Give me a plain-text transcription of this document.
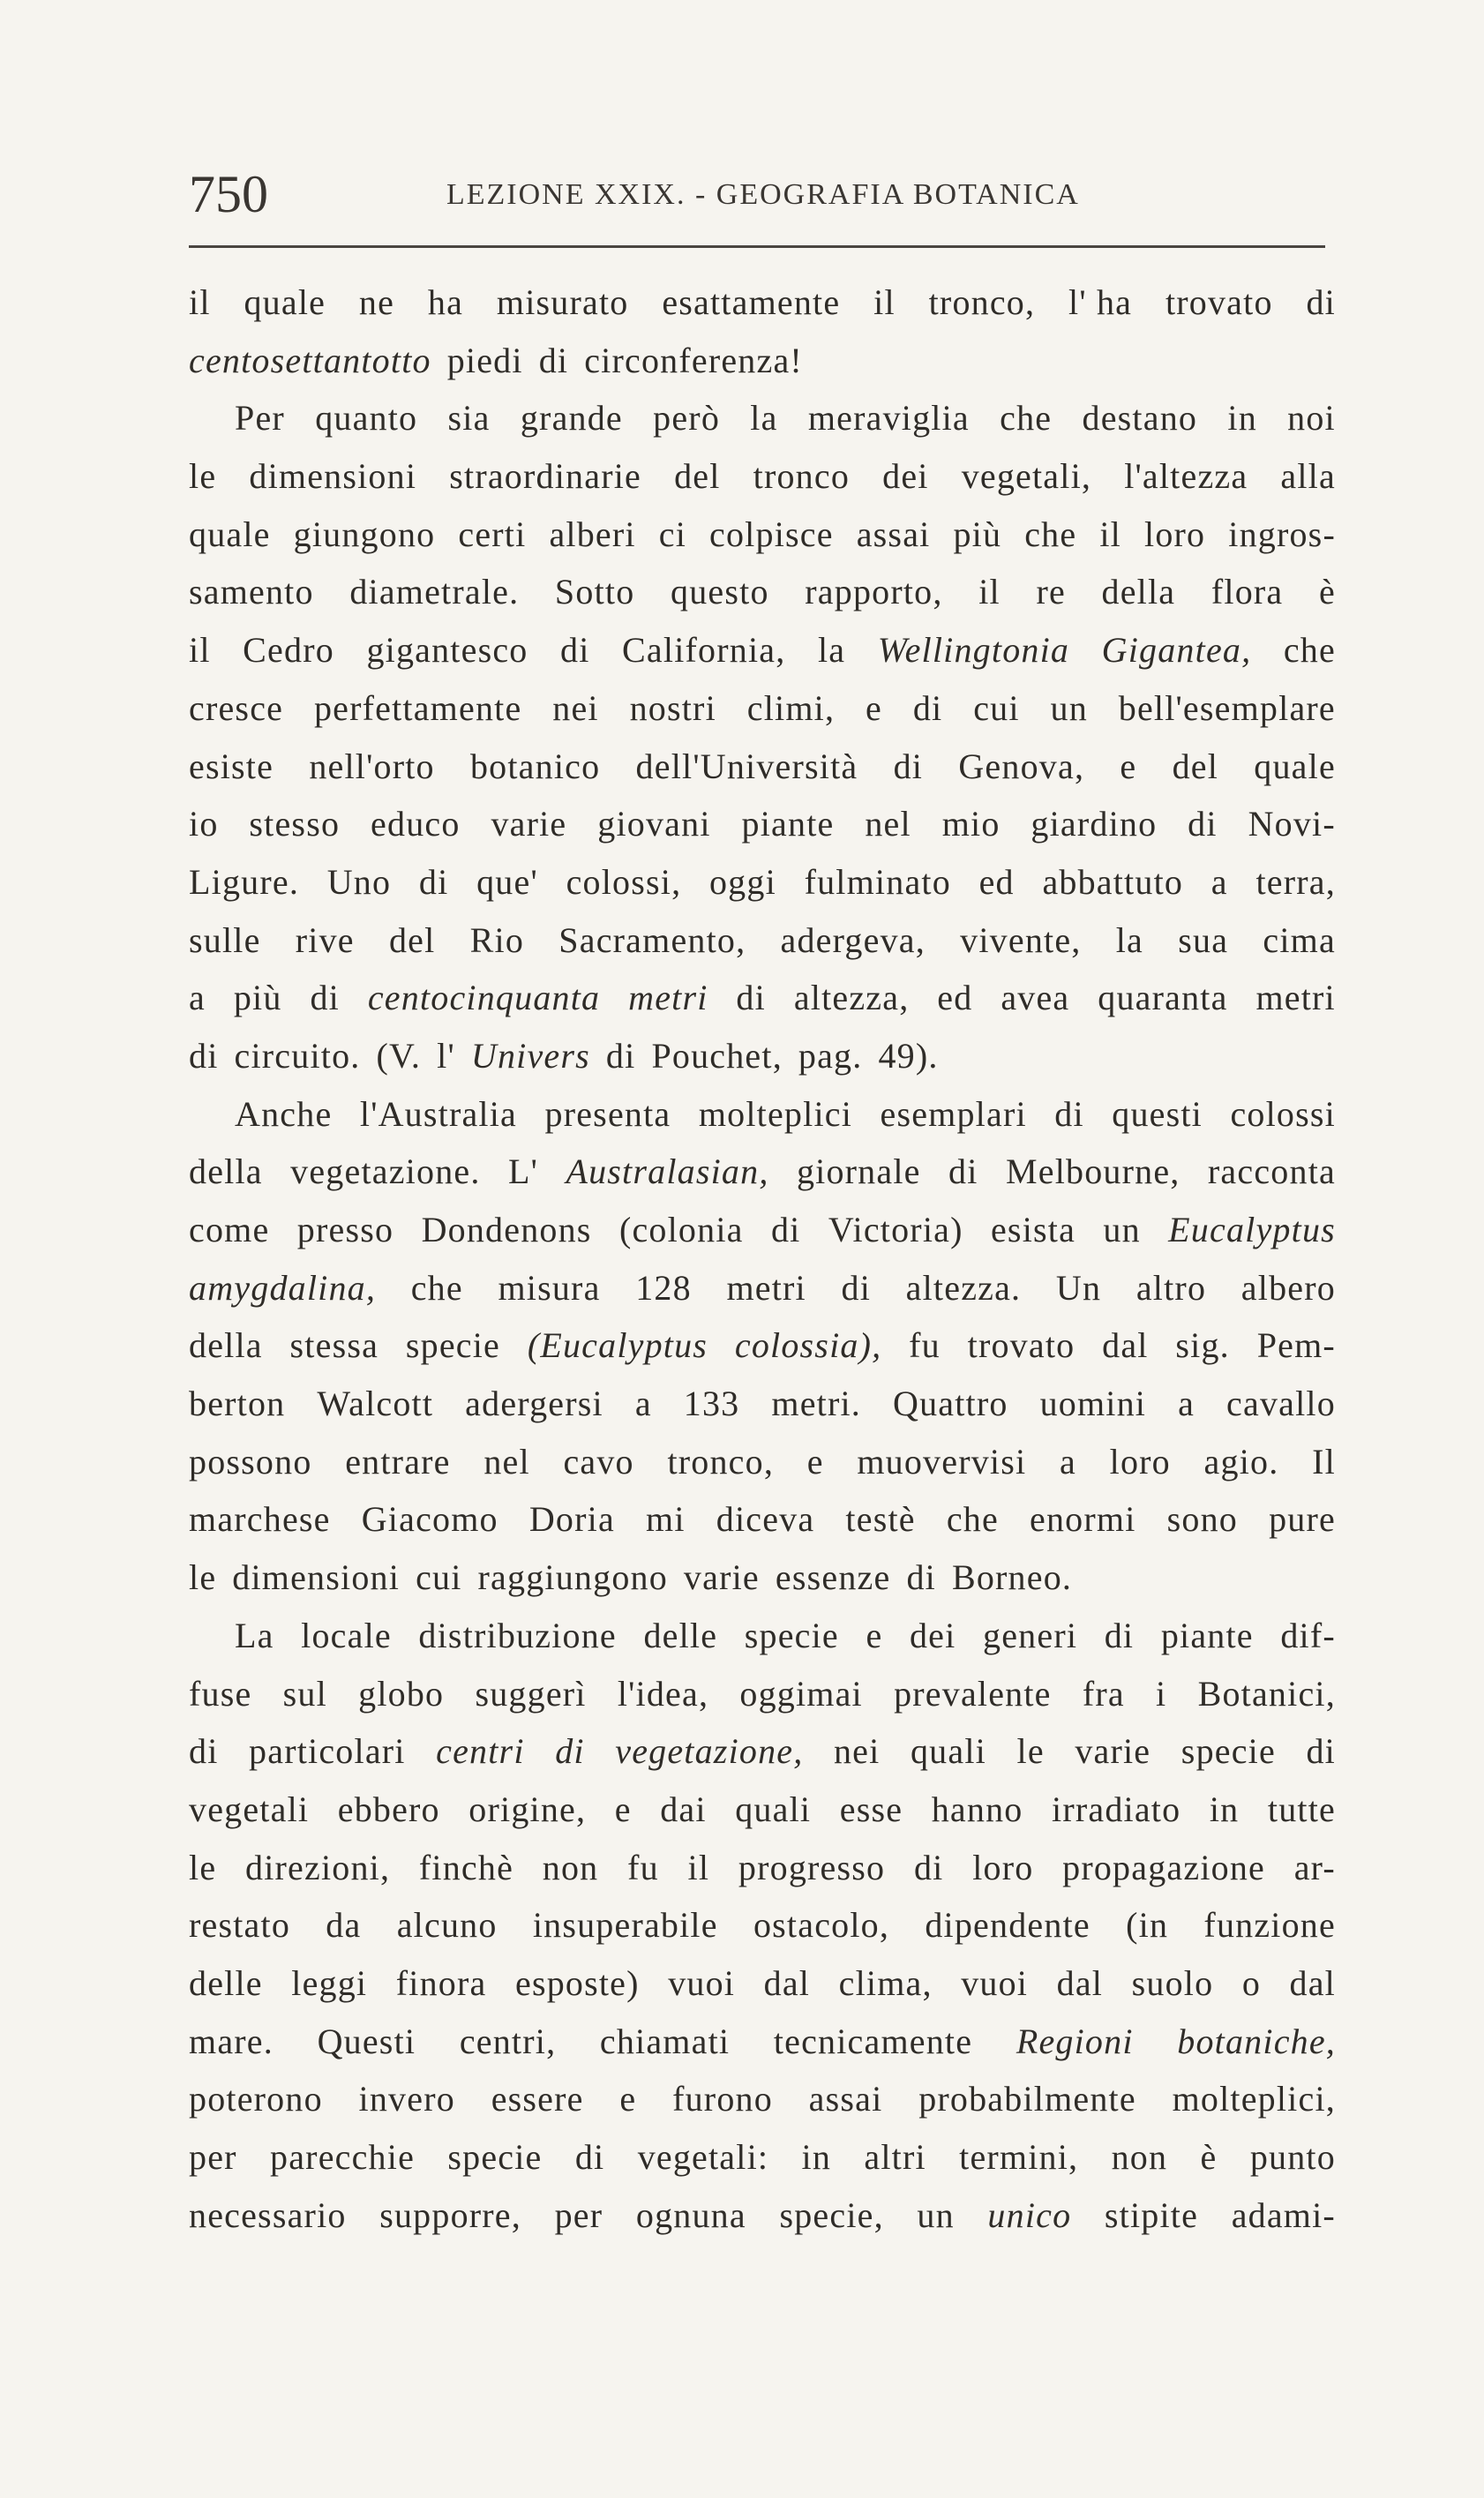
750	LEZIONE XXIX. - GEOGRAFIA BOTANICA
il quale ne ha misurato esattamente il tronco, l' ha trovato di
centosettantotto piedi di circonferenza!
Per quanto sia grande però la meraviglia che destano in noi
le dimensioni straordinarie del tronco dei vegetali, l'altezza alla
quale giungono certi alberi ci colpisce assai più che il loro ingros-
samento diametrale. Sotto questo rapporto, il re della flora è
il Cedro gigantesco di California, la Wellingtonia Gigantea, che
cresce perfettamente nei nostri climi, e di cui un bell'esemplare
esiste nell'orto botanico dell'Università di Genova, e del quale
io stesso educo varie giovani piante nel mio giardino di Novi-
Ligure. Uno di que' colossi, oggi fulminato ed abbattuto a terra,
sulle rive del Rio Sacramento, adergeva, vivente, la sua cima
a più di centocinquanta metri di altezza, ed avea quaranta metri
di circuito. (V. l' Univers di Pouchet, pag. 49).
Anche l'Australia presenta molteplici esemplari di questi colossi
della vegetazione. L' Australasian, giornale di Melbourne, racconta
come presso Dondenons (colonia di Victoria) esista un Eucalyptus
amygdalina, che misura 128 metri di altezza. Un altro albero
della stessa specie (Eucalyptus colossia), fu trovato dal sig. Pem-
berton Walcott adergersi a 133 metri. Quattro uomini a cavallo
possono entrare nel cavo tronco, e muovervisi a loro agio. Il
marchese Giacomo Doria mi diceva testè che enormi sono pure
le dimensioni cui raggiungono varie essenze di Borneo.
La locale distribuzione delle specie e dei generi di piante dif-
fuse sul globo suggerì l'idea, oggimai prevalente fra i Botanici,
di particolari centri di vegetazione, nei quali le varie specie di
vegetali ebbero origine, e dai quali esse hanno irradiato in tutte
le direzioni, finchè non fu il progresso di loro propagazione ar-
restato da alcuno insuperabile ostacolo, dipendente (in funzione
delle leggi finora esposte) vuoi dal clima, vuoi dal suolo o dal
mare. Questi centri, chiamati tecnicamente Regioni botaniche,
poterono invero essere e furono assai probabilmente molteplici,
per parecchie specie di vegetali: in altri termini, non è punto
necessario supporre, per ognuna specie, un unico stipite adami-
